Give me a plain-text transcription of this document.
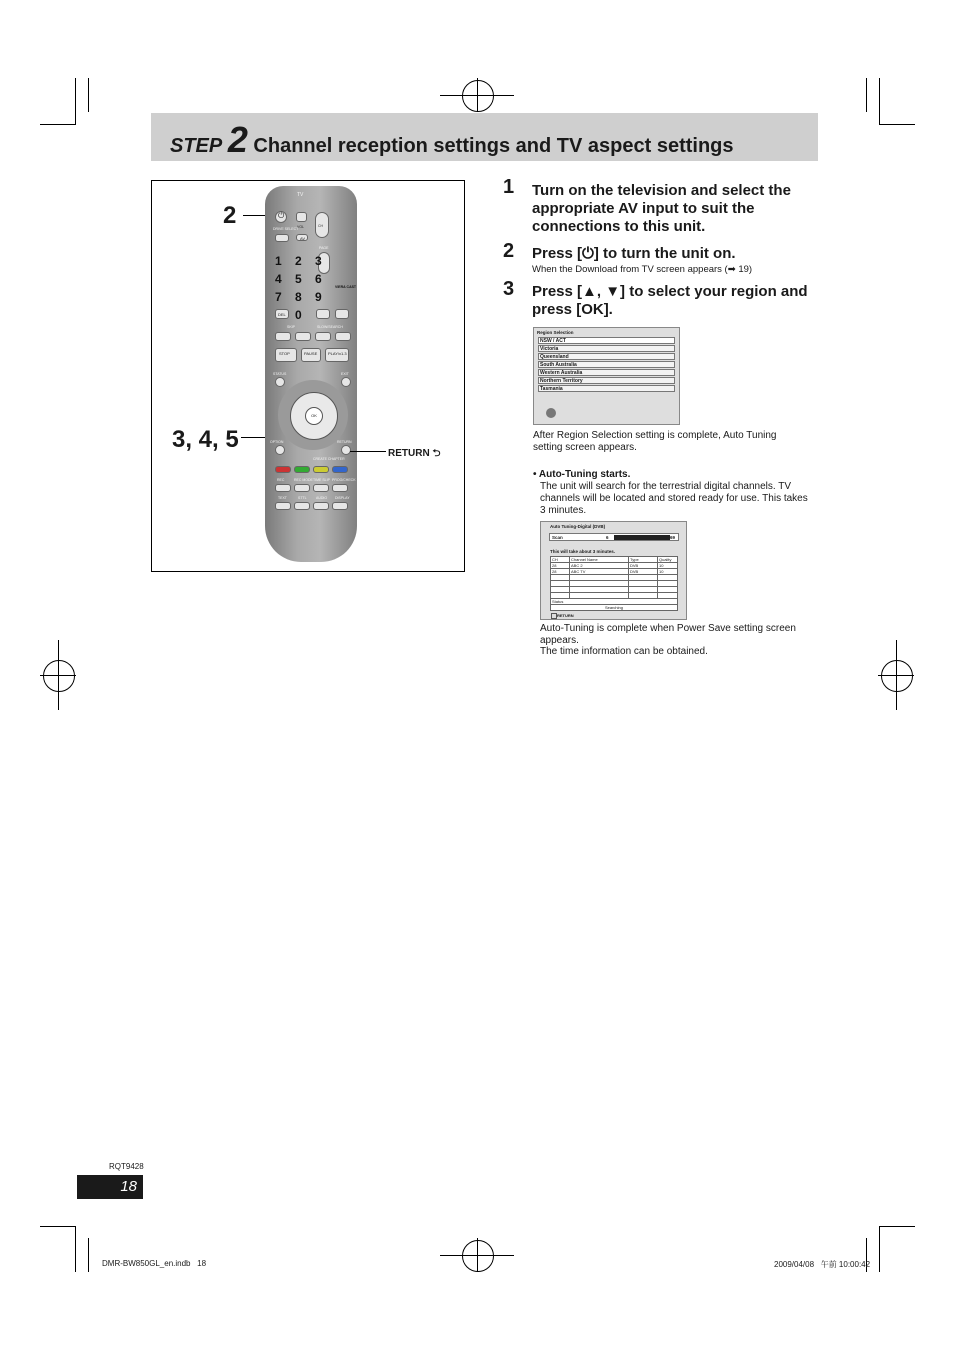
STEP 2 Channel reception settings and TV aspect settings
2
3, 4, 5
TV
⏻
CH
PAGE
VOL
DRIVE SELECT
AV
1	2	3
4	5	6
7	8	9
VIERA CAST
DEL 0
SKIP	SLOW/SEARCH
STOP	PAUSE	PLAY/x1.3
STATUS	EXIT
OPTION	RETURN
CREATE CHAPTER
REC	REC MODE TIME SLIP PROG/CHECK
TEXT	STTL	AUDIO DISPLAY
OK
RETURN ⮌
1 Turn on the television and select the appropriate AV input to suit the connections to this unit.
2 Press [⏻] to turn the unit on.
When the Download from TV screen appears (➡ 19)
3 Press [▲, ▼] to select your region and press [OK].
Region Selection
NSW / ACT
Victoria
Queensland
South Australia
Western Australia
Northern Territory
Tasmania
After Region Selection setting is complete, Auto Tuning setting screen appears.
• Auto-Tuning starts.
The unit will search for the terrestrial digital channels. TV channels will be located and stored ready for use. This takes 3 minutes.
Auto Tuning-Digital (DVB)
Scan	6	69
This will take about 3 minutes.
RETURN
CH	Channel Name	Type	Quality
28	ABC 2	DVB	10
28	ABC TV	DVB	10

Status			
Searching			
Auto-Tuning is complete when Power Save setting screen appears.
The time information can be obtained.
RQT9428
18
DMR-BW850GL_en.indb   18	2009/04/08   午前 10:00:42
